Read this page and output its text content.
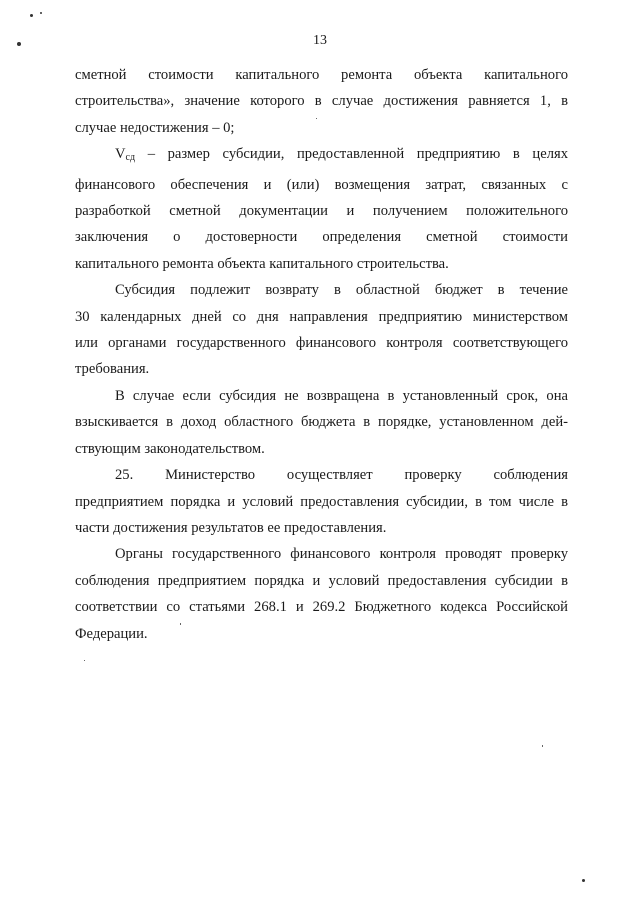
13
сметной стоимости капитального ремонта объекта капитального
строительства», значение которого в случае достижения равняется 1, в
случае недостижения – 0;
$V_{сд}$ – размер субсидии, предоставленной предприятию в целях
финансового обеспечения и (или) возмещения затрат, связанных с
разработкой сметной документации и получением положительного
заключения о достоверности определения сметной стоимости
капитального ремонта объекта капитального строительства.
Субсидия подлежит возврату в областной бюджет в течение
30 календарных дней со дня направления предприятию министерством
или органами государственного финансового контроля соответствующего
требования.
В случае если субсидия не возвращена в установленный срок, она
взыскивается в доход областного бюджета в порядке, установленном дей-
ствующим законодательством.
25. Министерство осуществляет проверку соблюдения
предприятием порядка и условий предоставления субсидии, в том числе в
части достижения результатов ее предоставления.
Органы государственного финансового контроля проводят проверку
соблюдения предприятием порядка и условий предоставления субсидии в
соответствии со статьями 268.1 и 269.2 Бюджетного кодекса Российской
Федерации.
